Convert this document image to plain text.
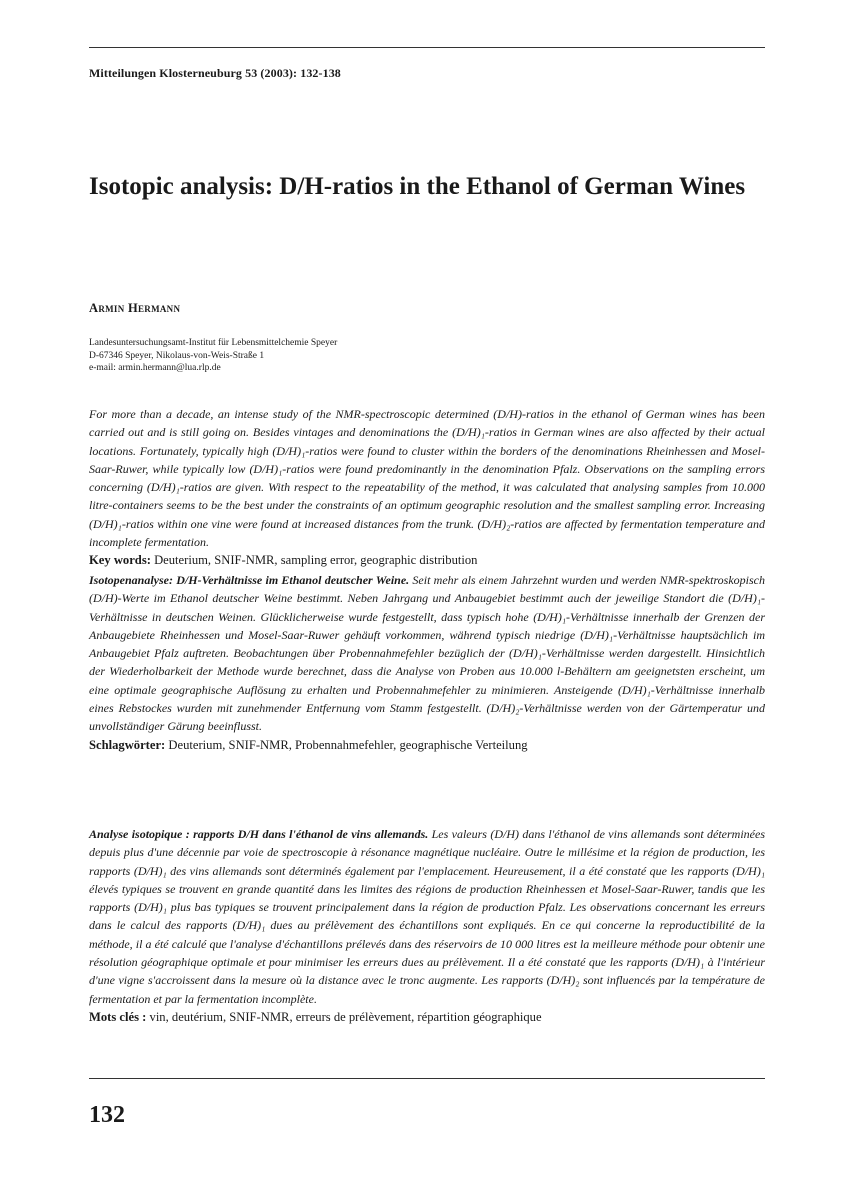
Mitteilungen Klosterneuburg 53 (2003): 132-138
Isotopic analysis: D/H-ratios in the Ethanol of German Wines
Armin Hermann
Landesuntersuchungsamt-Institut für Lebensmittelchemie Speyer
D-67346 Speyer, Nikolaus-von-Weis-Straße 1
e-mail: armin.hermann@lua.rlp.de

For more than a decade, an intense study of the NMR-spectroscopic determined (D/H)-ratios in the ethanol of German wines has been carried out and is still going on. Besides vintages and denominations the (D/H)₁-ratios in German wines are also affected by their actual locations. Fortunately, typically high (D/H)₁-ratios were found to cluster within the borders of the denominations Rheinhessen and Mosel-Saar-Ruwer, while typically low (D/H)₁-ratios were found predominantly in the denomination Pfalz. Observations on the sampling errors concerning (D/H)₁-ratios are given. With respect to the repeatability of the method, it was calculated that analysing samples from 10.000 litre-containers seems to be the best under the constraints of an optimum geographic resolution and the smallest sampling error. Increasing (D/H)₁-ratios within one vine were found at increased distances from the trunk. (D/H)₂-ratios are affected by fermentation temperature and incomplete fermentation.

Key words: Deuterium, SNIF-NMR, sampling error, geographic distribution

Isotopenanalyse: D/H-Verhältnisse im Ethanol deutscher Weine. Seit mehr als einem Jahrzehnt wurden und werden NMR-spektroskopisch (D/H)-Werte im Ethanol deutscher Weine bestimmt. Neben Jahrgang und Anbaugebiet bestimmt auch der jeweilige Standort die (D/H)₁-Verhältnisse in deutschen Weinen. Glücklicherweise wurde festgestellt, dass typisch hohe (D/H)₁-Verhältnisse innerhalb der Grenzen der Anbaugebiete Rheinhessen und Mosel-Saar-Ruwer gehäuft vorkommen, während typisch niedrige (D/H)₁-Verhältnisse hauptsächlich im Anbaugebiet Pfalz auftreten. Beobachtungen über Probennahmefehler bezüglich der (D/H)₁-Verhältnisse werden dargestellt. Hinsichtlich der Wiederholbarkeit der Methode wurde berechnet, dass die Analyse von Proben aus 10.000 l-Behältern am geeignetsten erscheint, um eine optimale geographische Auflösung zu erhalten und Probennahmefehler zu minimieren. Ansteigende (D/H)₁-Verhältnisse innerhalb eines Rebstockes wurden mit zunehmender Entfernung vom Stamm festgestellt. (D/H)₂-Verhältnisse werden von der Gärtemperatur und unvollständiger Gärung beeinflusst.

Schlagwörter: Deuterium, SNIF-NMR, Probennahmefehler, geographische Verteilung

Analyse isotopique : rapports D/H dans l'éthanol de vins allemands. Les valeurs (D/H) dans l'éthanol de vins allemands sont déterminées depuis plus d'une décennie par voie de spectroscopie à résonance magnétique nucléaire. Outre le millésime et la région de production, les rapports (D/H)₁ des vins allemands sont déterminés également par l'emplacement. Heureusement, il a été constaté que les rapports (D/H)₁ élevés typiques se trouvent en grande quantité dans les limites des régions de production Rheinhessen et Mosel-Saar-Ruwer, tandis que les rapports (D/H)₁ plus bas typiques se trouvent principalement dans la région de production Pfalz. Les observations concernant les erreurs dans le calcul des rapports (D/H)₁ dues au prélèvement des échantillons sont expliqués. En ce qui concerne la reproductibilité de la méthode, il a été calculé que l'analyse d'échantillons prélevés dans des réservoirs de 10 000 litres est la meilleure méthode pour obtenir une résolution géographique optimale et pour minimiser les erreurs dues au prélèvement. Il a été constaté que les rapports (D/H)₁ à l'intérieur d'une vigne s'accroissent dans la mesure où la distance avec le tronc augmente. Les rapports (D/H)₂ sont influencés par la température de fermentation et par la fermentation incomplète.

Mots clés : vin, deutérium, SNIF-NMR, erreurs de prélèvement, répartition géographique
132
